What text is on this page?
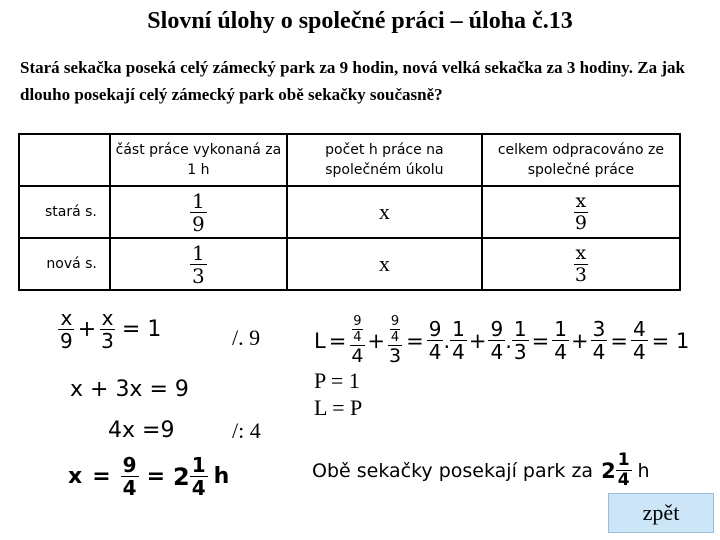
Slovní úlohy o společné práci – úloha č.13
Stará sekačka poseká celý zámecký park za 9 hodin, nová velká sekačka za 3 hodiny. Za jak dlouho posekají celý zámecký park obě sekačky současně?
	část práce vykonaná za 1 h	počet h práce na společném úkolu	celkem odpracováno ze společné práce
stará s.	$\frac{1}{9}$	x	$\frac{x}{9}$

nová s.	$\frac{1}{3}$	x	$\frac{x}{3}$
$\frac{x}{9} + \frac{x}{3} = 1$	/. 9
x + 3x = 9
4x =9	/: 4
$x = \frac{9}{4} = 2 \frac{1}{4}$ h
$L = \frac{\frac{9}{4}}{4} + \frac{\frac{9}{4}}{3} = \frac{9}{4}$ . $\frac{1}{4} + \frac{9}{4}$ . $\frac{1}{3} = \frac{1}{4} + \frac{3}{4} = \frac{4}{4} = 1$
P = 1
L = P
Obě sekačky posekají park za $2 \frac{1}{4}$ h
zpět
